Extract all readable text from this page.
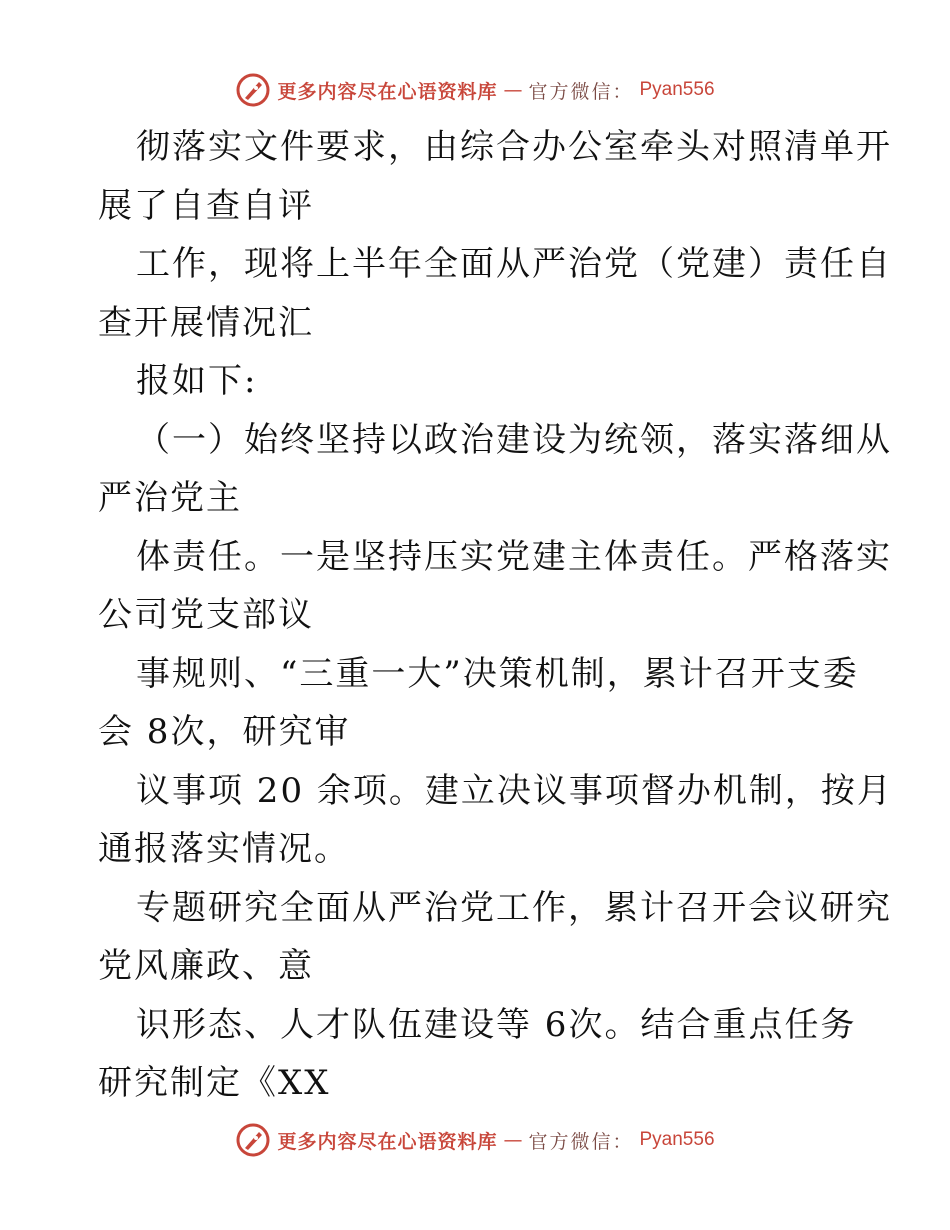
更多内容尽在心语资料库 — 官方微信： Pyan556
彻落实文件要求，由综合办公室牵头对照清单开
展了自查自评
工作，现将上半年全面从严治党（党建）责任自
查开展情况汇
报如下:
（一）始终坚持以政治建设为统领，落实落细从
严治党主
体责任。一是坚持压实党建主体责任。严格落实
公司党支部议
事规则、“三重一大”决策机制，累计召开支委
会 8次，研究审
议事项 20 余项。建立决议事项督办机制，按月
通报落实情况。
专题研究全面从严治党工作，累计召开会议研究
党风廉政、意
识形态、人才队伍建设等 6次。结合重点任务
研究制定《XX
更多内容尽在心语资料库 — 官方微信： Pyan556
